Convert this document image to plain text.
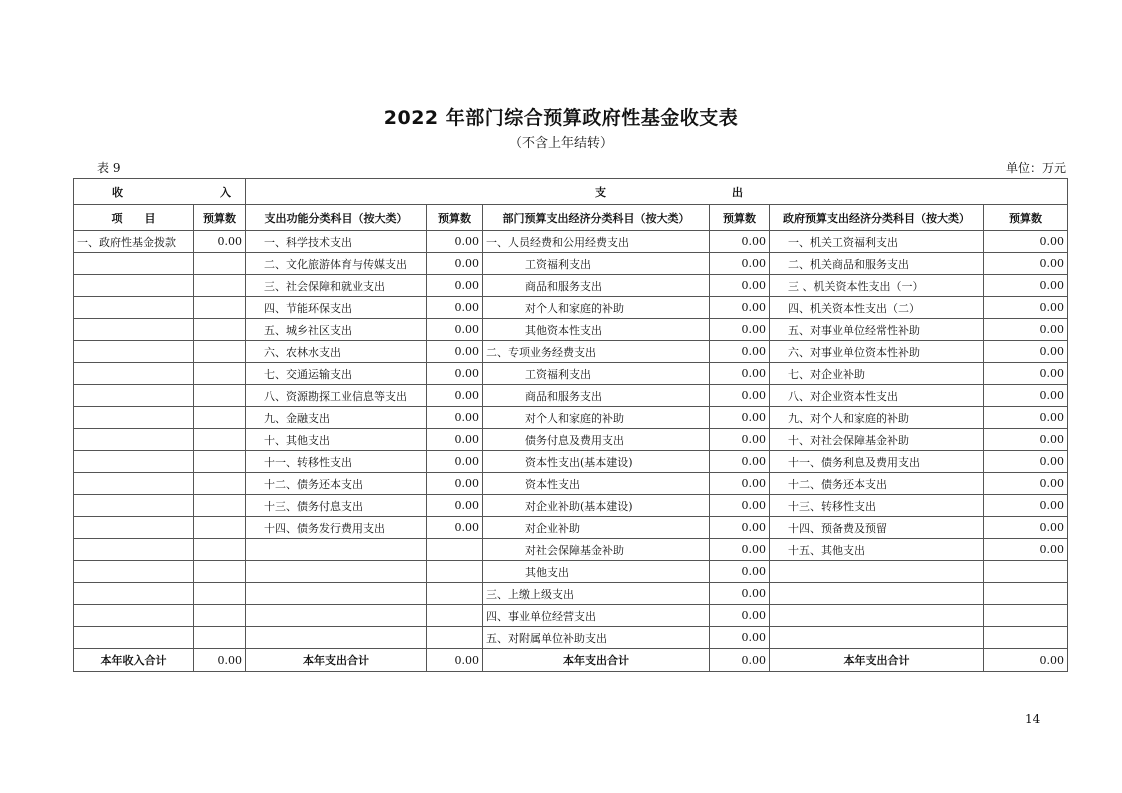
2022 年部门综合预算政府性基金收支表
（不含上年结转）
表 9	单位：万元
收 入		支 出					

项　　目	预算数	支出功能分类科目（按大类）	预算数	部门预算支出经济分类科目（按大类）	预算数	政府预算支出经济分类科目（按大类）	预算数
一、政府性基金拨款	0.00	一、科学技术支出	0.00	一、人员经费和公用经费支出	0.00	一、机关工资福利支出	0.00
		二、文化旅游体育与传媒支出	0.00	工资福利支出	0.00	二、机关商品和服务支出	0.00
		三、社会保障和就业支出	0.00	商品和服务支出	0.00	三 、机关资本性支出（一）	0.00
		四、节能环保支出	0.00	对个人和家庭的补助	0.00	四、机关资本性支出（二）	0.00
		五、城乡社区支出	0.00	其他资本性支出	0.00	五、对事业单位经常性补助	0.00
		六、农林水支出	0.00	二、专项业务经费支出	0.00	六、对事业单位资本性补助	0.00
		七、交通运输支出	0.00	工资福利支出	0.00	七、对企业补助	0.00
		八、资源勘探工业信息等支出	0.00	商品和服务支出	0.00	八、对企业资本性支出	0.00
		九、金融支出	0.00	对个人和家庭的补助	0.00	九、对个人和家庭的补助	0.00
		十、其他支出	0.00	债务付息及费用支出	0.00	十、对社会保障基金补助	0.00
		十一、转移性支出	0.00	资本性支出(基本建设)	0.00	十一、债务利息及费用支出	0.00
		十二、债务还本支出	0.00	资本性支出	0.00	十二、债务还本支出	0.00
		十三、债务付息支出	0.00	对企业补助(基本建设)	0.00	十三、转移性支出	0.00
		十四、债务发行费用支出	0.00	对企业补助	0.00	十四、预备费及预留	0.00
				对社会保障基金补助	0.00	十五、其他支出	0.00
				其他支出	0.00		
				三、上缴上级支出	0.00		
				四、事业单位经营支出	0.00		
				五、对附属单位补助支出	0.00		
本年收入合计	0.00	本年支出合计	0.00	本年支出合计	0.00	本年支出合计	0.00
14
